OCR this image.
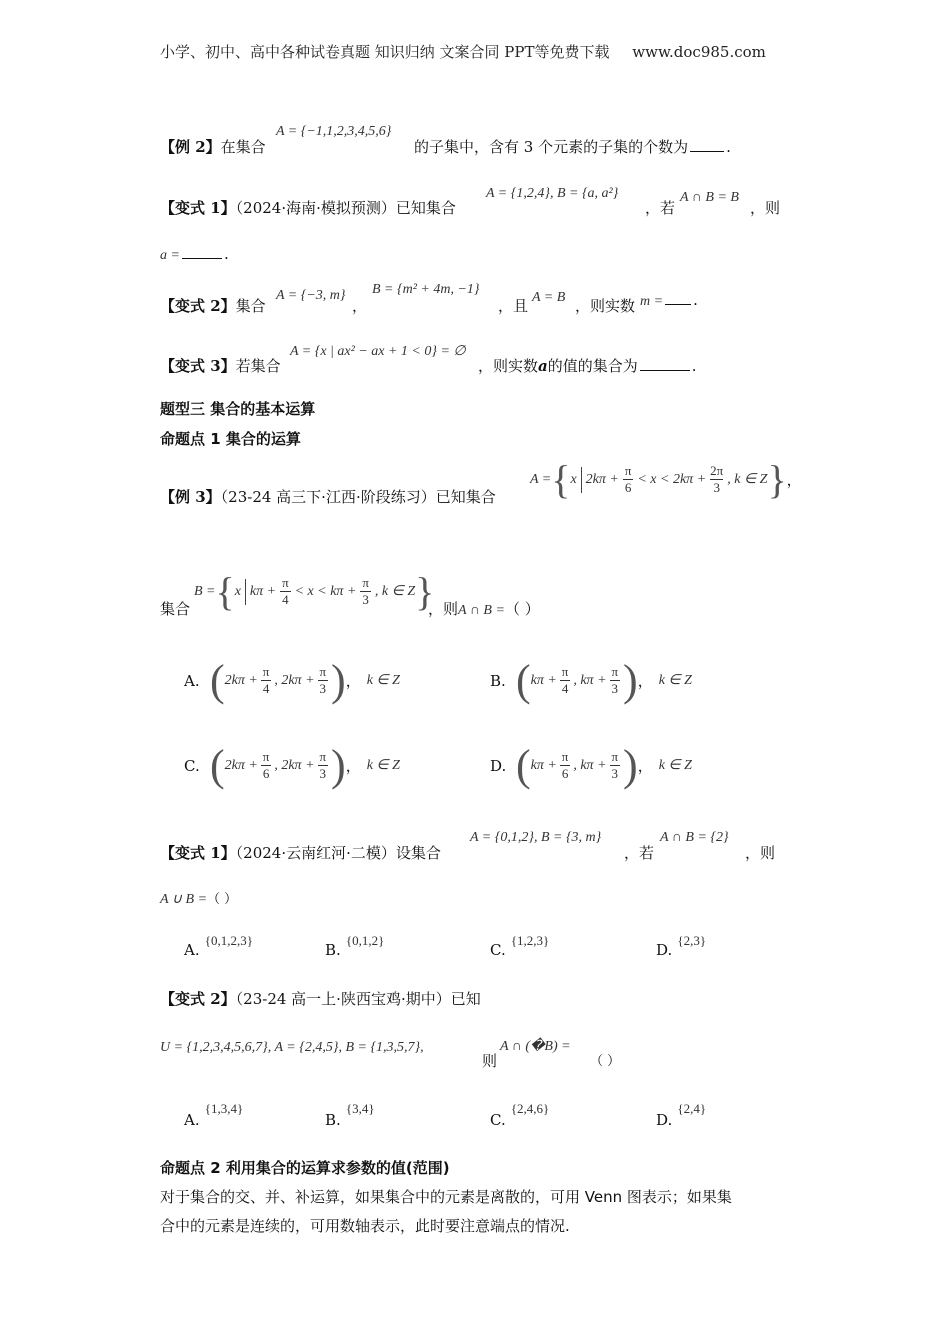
小学、初中、高中各种试卷真题 知识归纳 文案合同 PPT等免费下载 www.doc985.com
【例 2】在集合
A = {−1,1,2,3,4,5,6}
的子集中，含有 3 个元素的子集的个数为	.
【变式 1】（2024·海南·模拟预测）已知集合
A = {1,2,4}, B = {a, a²}
，若
A ∩ B = B
，则
a =	.
【变式 2】集合
A = {−3, m}
，
B = {m² + 4m, −1}
，且 A = B ，则实数 m = .
【变式 3】若集合
A = {x | ax² − ax + 1 < 0} = ∅
，则实数a的值的集合为	.
题型三 集合的基本运算
命题点 1 集合的运算
【例 3】（23-24 高三下·江西·阶段练习）已知集合
A = { x $2k\pi + \frac{\pi}{6} < x < 2k\pi + \frac{2\pi}{3}$ , k ∈ Z } ，
集合
B = { x $k\pi + \frac{\pi}{4} < x < k\pi + \frac{\pi}{3}$ , k ∈ Z }
，则A ∩ B =（ ）
A. ( $2k\pi + \frac{\pi}{4}$ , $2k\pi + \frac{\pi}{3}$ ) ， k ∈ Z	B. ( $k\pi + \frac{\pi}{4}$ , $k\pi + \frac{\pi}{3}$ ) ， k ∈ Z
C. ( $2k\pi + \frac{\pi}{6}$ , $2k\pi + \frac{\pi}{3}$ ) ， k ∈ Z	D. ( $k\pi + \frac{\pi}{6}$ , $k\pi + \frac{\pi}{3}$ ) ， k ∈ Z
【变式 1】（2024·云南红河·二模）设集合
A = {0,1,2}, B = {3, m}
，若
A ∩ B = {2}
，则
A ∪ B =（ ）
A. {0,1,2,3}
B. {0,1,2}
C. {1,2,3}
D. {2,3}
【变式 2】（23-24 高一上·陕西宝鸡·期中）已知
U = {1,2,3,4,5,6,7}, A = {2,4,5}, B = {1,3,5,7},
则
A ∩ (�B) =
（ ）
A. {1,3,4}
B. {3,4}
C. {2,4,6}
D. {2,4}
命题点 2 利用集合的运算求参数的值(范围)
对于集合的交、并、补运算，如果集合中的元素是离散的，可用 Venn 图表示；如果集
合中的元素是连续的，可用数轴表示，此时要注意端点的情况.
